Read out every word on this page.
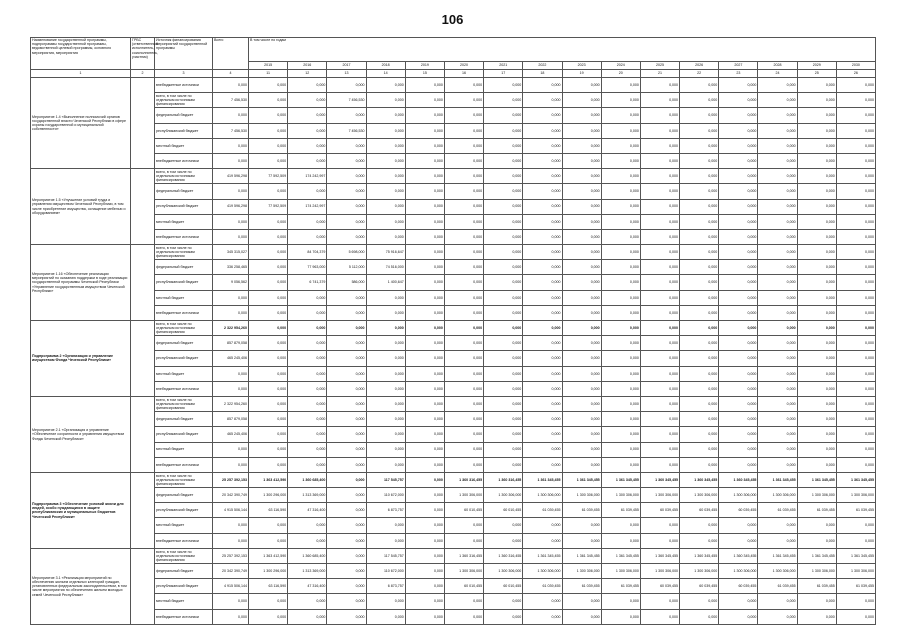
106
Наименование государственной программы, подпрограммы государственной программы, ведомственной целевой программы, основного мероприятия, мероприятия	ГРБС (ответственный исполнитель, соисполнитель, участник)	Источник финансирования мероприятий государственной программы	Всего	В том числе по годам															
				2015	2016	2017	2018	2019	2020	2021	2022	2023	2024	2025	2026	2027	2028	2029	2030
1	2	3	4	11	12	13	14	15	16	17	18	19	20	21	22	23	24	25	26
Мероприятие 1.4 «Выполнение полномочий органов государственной власти Чеченской Республики в сфере охраны государственной и муниципальной собственности»		внебюджетные источники	0,000	0,000	0,000	0,000	0,000	0,000	0,000	0,000	0,000	0,000	0,000	0,000	0,000	0,000	0,000	0,000	0,000
		всего, в том числе по отдельным источникам финансирования	7 456,530	0,000	0,000	7 456,530	0,000	0,000	0,000	0,000	0,000	0,000	0,000	0,000	0,000	0,000	0,000	0,000	0,000
		федеральный бюджет	0,000	0,000	0,000	0,000	0,000	0,000	0,000	0,000	0,000	0,000	0,000	0,000	0,000	0,000	0,000	0,000	0,000
		республиканский бюджет	7 456,530	0,000	0,000	7 456,530	0,000	0,000	0,000	0,000	0,000	0,000	0,000	0,000	0,000	0,000	0,000	0,000	0,000
		местный бюджет	0,000	0,000	0,000	0,000	0,000	0,000	0,000	0,000	0,000	0,000	0,000	0,000	0,000	0,000	0,000	0,000	0,000
		внебюджетные источники	0,000	0,000	0,000	0,000	0,000	0,000	0,000	0,000	0,000	0,000	0,000	0,000	0,000	0,000	0,000	0,000	0,000
Мероприятие 1.5 «Улучшение условий труда и управления имуществом Чеченской Республики, в том числе приобретение имущества, оснащение мебелью и оборудованием»		всего, в том числе по отдельным источникам финансирования	419 596,298	77 592,509	174 242,997	0,000	0,000	0,000	0,000	0,000	0,000	0,000	0,000	0,000	0,000	0,000	0,000	0,000	0,000
		федеральный бюджет	0,000	0,000	0,000	0,000	0,000	0,000	0,000	0,000	0,000	0,000	0,000	0,000	0,000	0,000	0,000	0,000	0,000
		республиканский бюджет	419 596,298	77 592,509	174 242,997	0,000	0,000	0,000	0,000	0,000	0,000	0,000	0,000	0,000	0,000	0,000	0,000	0,000	0,000
		местный бюджет	0,000	0,000	0,000	0,000	0,000	0,000	0,000	0,000	0,000	0,000	0,000	0,000	0,000	0,000	0,000	0,000	0,000
		внебюджетные источники	0,000	0,000	0,000	0,000	0,000	0,000	0,000	0,000	0,000	0,000	0,000	0,000	0,000	0,000	0,000	0,000	0,000
Мероприятие 1.16 «Обеспечение реализации мероприятий по оказанию поддержки в ходе реализации государственной программы Чеченской Республики «Управление государственным имуществом Чеченской Республики»		всего, в том числе по отдельным источникам финансирования	345 315,027	0,000	84 704,379	5 698,000	75 916,647	0,000	0,000	0,000	0,000	0,000	0,000	0,000	0,000	0,000	0,000	0,000	0,000
		федеральный бюджет	336 258,465	0,000	77 963,000	5 112,000	74 516,000	0,000	0,000	0,000	0,000	0,000	0,000	0,000	0,000	0,000	0,000	0,000	0,000
		республиканский бюджет	9 056,562	0,000	6 741,379	586,000	1 400,647	0,000	0,000	0,000	0,000	0,000	0,000	0,000	0,000	0,000	0,000	0,000	0,000
		местный бюджет	0,000	0,000	0,000	0,000	0,000	0,000	0,000	0,000	0,000	0,000	0,000	0,000	0,000	0,000	0,000	0,000	0,000
		внебюджетные источники	0,000	0,000	0,000	0,000	0,000	0,000	0,000	0,000	0,000	0,000	0,000	0,000	0,000	0,000	0,000	0,000	0,000
Подпрограмма 2 «Организация и управление имуществом Фонда Чеченской Республики»		всего, в том числе по отдельным источникам финансирования	2 322 954,260	0,000	0,000	0,000	0,000	0,000	0,000	0,000	0,000	0,000	0,000	0,000	0,000	0,000	0,000	0,000	0,000
		федеральный бюджет	857 879,058	0,000	0,000	0,000	0,000	0,000	0,000	0,000	0,000	0,000	0,000	0,000	0,000	0,000	0,000	0,000	0,000
		республиканский бюджет	465 245,406	0,000	0,000	0,000	0,000	0,000	0,000	0,000	0,000	0,000	0,000	0,000	0,000	0,000	0,000	0,000	0,000
		местный бюджет	0,000	0,000	0,000	0,000	0,000	0,000	0,000	0,000	0,000	0,000	0,000	0,000	0,000	0,000	0,000	0,000	0,000
		внебюджетные источники	0,000	0,000	0,000	0,000	0,000	0,000	0,000	0,000	0,000	0,000	0,000	0,000	0,000	0,000	0,000	0,000	0,000
Мероприятие 2.1 «Организация и управление «Обеспечение сохранности и управления имуществом Фонда Чеченской Республики»		всего, в том числе по отдельным источникам финансирования	2 322 954,260	0,000	0,000	0,000	0,000	0,000	0,000	0,000	0,000	0,000	0,000	0,000	0,000	0,000	0,000	0,000	0,000
		федеральный бюджет	857 879,058	0,000	0,000	0,000	0,000	0,000	0,000	0,000	0,000	0,000	0,000	0,000	0,000	0,000	0,000	0,000	0,000
		республиканский бюджет	465 245,406	0,000	0,000	0,000	0,000	0,000	0,000	0,000	0,000	0,000	0,000	0,000	0,000	0,000	0,000	0,000	0,000
		местный бюджет	0,000	0,000	0,000	0,000	0,000	0,000	0,000	0,000	0,000	0,000	0,000	0,000	0,000	0,000	0,000	0,000	0,000
		внебюджетные источники	0,000	0,000	0,000	0,000	0,000	0,000	0,000	0,000	0,000	0,000	0,000	0,000	0,000	0,000	0,000	0,000	0,000
Подпрограмма 3 «Обеспечение условий жизни для людей, особо нуждающихся в защите республиканских и муниципальных бюджетов Чеченской Республики»		всего, в том числе по отдельным источникам финансирования	25 257 392,153	1 363 412,590	1 360 685,400	0,000	117 545,757	0,000	1 360 316,455	1 360 316,455	1 361 345,455	1 361 345,455	1 361 345,455	1 360 345,455	1 360 345,455	1 360 345,455	1 361 345,455	1 361 345,455	1 361 345,455
		федеральный бюджет	20 342 390,749	1 300 296,000	1 313 369,000	0,000	110 672,000	0,000	1 300 306,000	1 300 306,000	1 300 306,000	1 300 306,000	1 300 306,000	1 300 306,000	1 300 306,000	1 300 306,000	1 300 306,000	1 300 306,000	1 300 306,000
		республиканский бюджет	4 915 506,144	63 116,590	47 316,400	0,000	6 873,757	0,000	60 010,455	60 010,455	61 039,455	61 039,455	61 039,455	60 039,455	60 039,455	60 039,455	61 039,455	61 039,455	61 039,455
		местный бюджет	0,000	0,000	0,000	0,000	0,000	0,000	0,000	0,000	0,000	0,000	0,000	0,000	0,000	0,000	0,000	0,000	0,000
		внебюджетные источники	0,000	0,000	0,000	0,000	0,000	0,000	0,000	0,000	0,000	0,000	0,000	0,000	0,000	0,000	0,000	0,000	0,000
Мероприятие 3.1 «Реализация мероприятий по обеспечению жильем отдельных категорий граждан, установленных федеральным законодательством, в том числе мероприятия по обеспечению жильем молодых семей Чеченской Республики»		всего, в том числе по отдельным источникам финансирования	25 257 392,153	1 363 412,590	1 360 685,400	0,000	117 545,757	0,000	1 360 316,455	1 360 316,455	1 361 345,455	1 361 345,455	1 361 345,455	1 360 345,455	1 360 345,455	1 360 345,455	1 361 345,455	1 361 345,455	1 361 345,455
		федеральный бюджет	20 342 390,749	1 300 296,000	1 313 369,000	0,000	110 672,000	0,000	1 300 306,000	1 300 306,000	1 300 306,000	1 300 306,000	1 300 306,000	1 300 306,000	1 300 306,000	1 300 306,000	1 300 306,000	1 300 306,000	1 300 306,000
		республиканский бюджет	4 915 506,144	63 116,590	47 316,400	0,000	6 873,757	0,000	60 010,455	60 010,455	61 039,455	61 039,455	61 039,455	60 039,455	60 039,455	60 039,455	61 039,455	61 039,455	61 039,455
		местный бюджет	0,000	0,000	0,000	0,000	0,000	0,000	0,000	0,000	0,000	0,000	0,000	0,000	0,000	0,000	0,000	0,000	0,000
		внебюджетные источники	0,000	0,000	0,000	0,000	0,000	0,000	0,000	0,000	0,000	0,000	0,000	0,000	0,000	0,000	0,000	0,000	0,000
